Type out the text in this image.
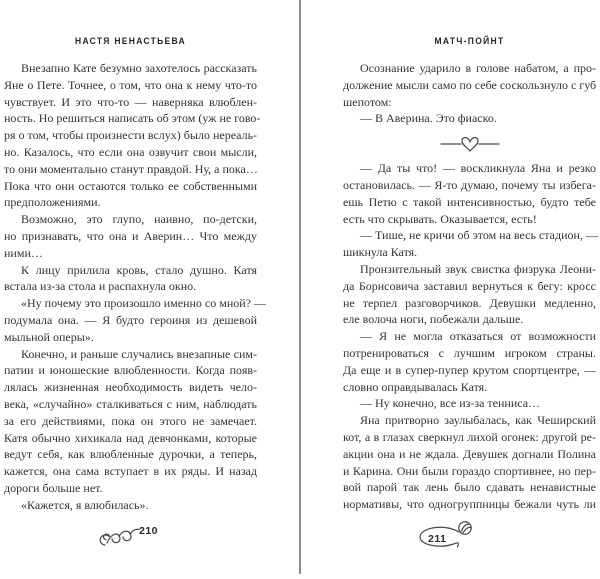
НАСТЯ НЕНАСТЬЕВА
Внезапно Кате безумно захотелось рассказать
Яне о Пете. Точнее, о том, что она к нему что-то
чувствует. И это что-то — наверняка влюблен-
ность. Но решиться написать об этом (уж не гово-
ря о том, чтобы произнести вслух) было нереаль-
но. Казалось, что если она озвучит свои мысли,
то они моментально станут правдой. Ну, а пока…
Пока что они остаются только ее собственными
предположениями.
Возможно, это глупо, наивно, по-детски,
но признавать, что она и Аверин… Что между
ними…
К лицу прилила кровь, стало душно. Катя
встала из-за стола и распахнула окно.
«Ну почему это произошло именно со мной? —
подумала она. — Я будто героиня из дешевой
мыльной оперы».
Конечно, и раньше случались внезапные сим-
патии и юношеские влюбленности. Когда появ-
лялась жизненная необходимость видеть чело-
века, «случайно» сталкиваться с ним, наблюдать
за его действиями, пока он этого не замечает.
Катя обычно хихикала над девчонками, которые
ведут себя, как влюбленные дурочки, а теперь,
кажется, она сама вступает в их ряды. И назад
дороги больше нет.
«Кажется, я влюбилась».
210
МАТЧ-ПОЙНТ
Осознание ударило в голове набатом, а про-
должение мысли само по себе соскользнуло с губ
шепотом:
— В Аверина. Это фиаско.
— Да ты что! — воскликнула Яна и резко
остановилась. — Я-то думаю, почему ты избега-
ешь Петю с такой интенсивностью, будто тебе
есть что скрывать. Оказывается, есть!
— Тише, не кричи об этом на весь стадион, —
шикнула Катя.
Пронзительный звук свистка физрука Леони-
да Борисовича заставил вернуться к бегу: кросс
не терпел разговорчиков. Девушки медленно,
еле волоча ноги, побежали дальше.
— Я не могла отказаться от возможности
потренироваться с лучшим игроком страны.
Да еще и в супер-пупер крутом спортцентре, —
словно оправдывалась Катя.
— Ну конечно, все из-за тенниса…
Яна притворно заулыбалась, как Чеширский
кот, а в глазах сверкнул лихой огонек: другой ре-
акции она и не ждала. Девушек догнали Полина
и Карина. Они были гораздо спортивнее, но пер-
вой парой так лень было сдавать ненавистные
нормативы, что одногруппницы бежали чуть ли
211
